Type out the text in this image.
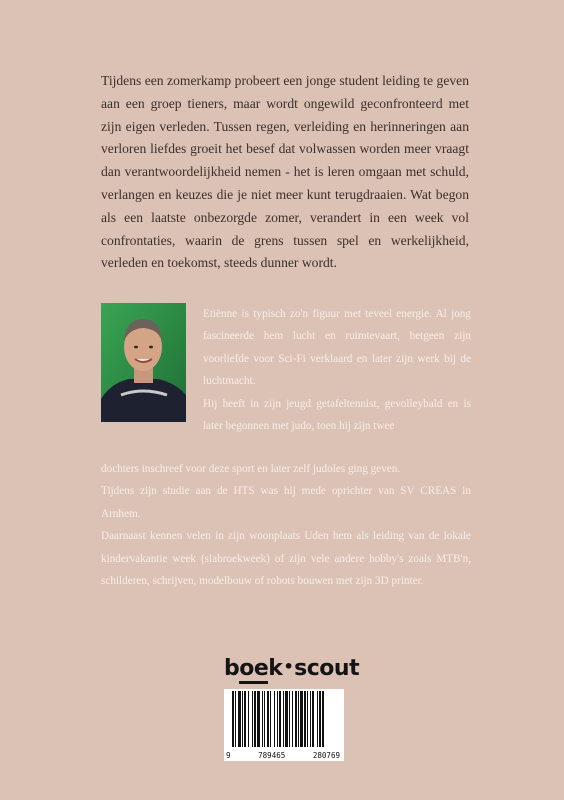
Tijdens een zomerkamp probeert een jonge student leiding te geven aan een groep tieners, maar wordt ongewild geconfronteerd met zijn eigen verleden. Tussen regen, verleiding en herinneringen aan verloren liefdes groeit het besef dat volwassen worden meer vraagt dan verantwoordelijkheid nemen - het is leren omgaan met schuld, verlangen en keuzes die je niet meer kunt terugdraaien. Wat begon als een laatste onbezorgde zomer, verandert in een week vol confrontaties, waarin de grens tussen spel en werkelijkheid, verleden en toekomst, steeds dunner wordt.

Etiënne is typisch zo'n figuur met teveel energie. Al jong fascineerde hem lucht en ruimtevaart, hetgeen zijn voorliefde voor Sci-Fi verklaard en later zijn werk bij de luchtmacht.

Hij heeft in zijn jeugd getafeltennist, gevolleybald en is later begonnen met judo, toen hij zijn twee

dochters inschreef voor deze sport en later zelf judoles ging geven.

Tijdens zijn studie aan de HTS was hij mede oprichter van SV CREAS in Arnhem.

Daarnaast kennen velen in zijn woonplaats Uden hem als leiding van de lokale kindervakantie week (slabroekweek) of zijn vele andere hobby's zoals MTB'n, schilderen, schrijven, modelbouw of robots bouwen met zijn 3D printer.

boek•scout
9	789465	280769
